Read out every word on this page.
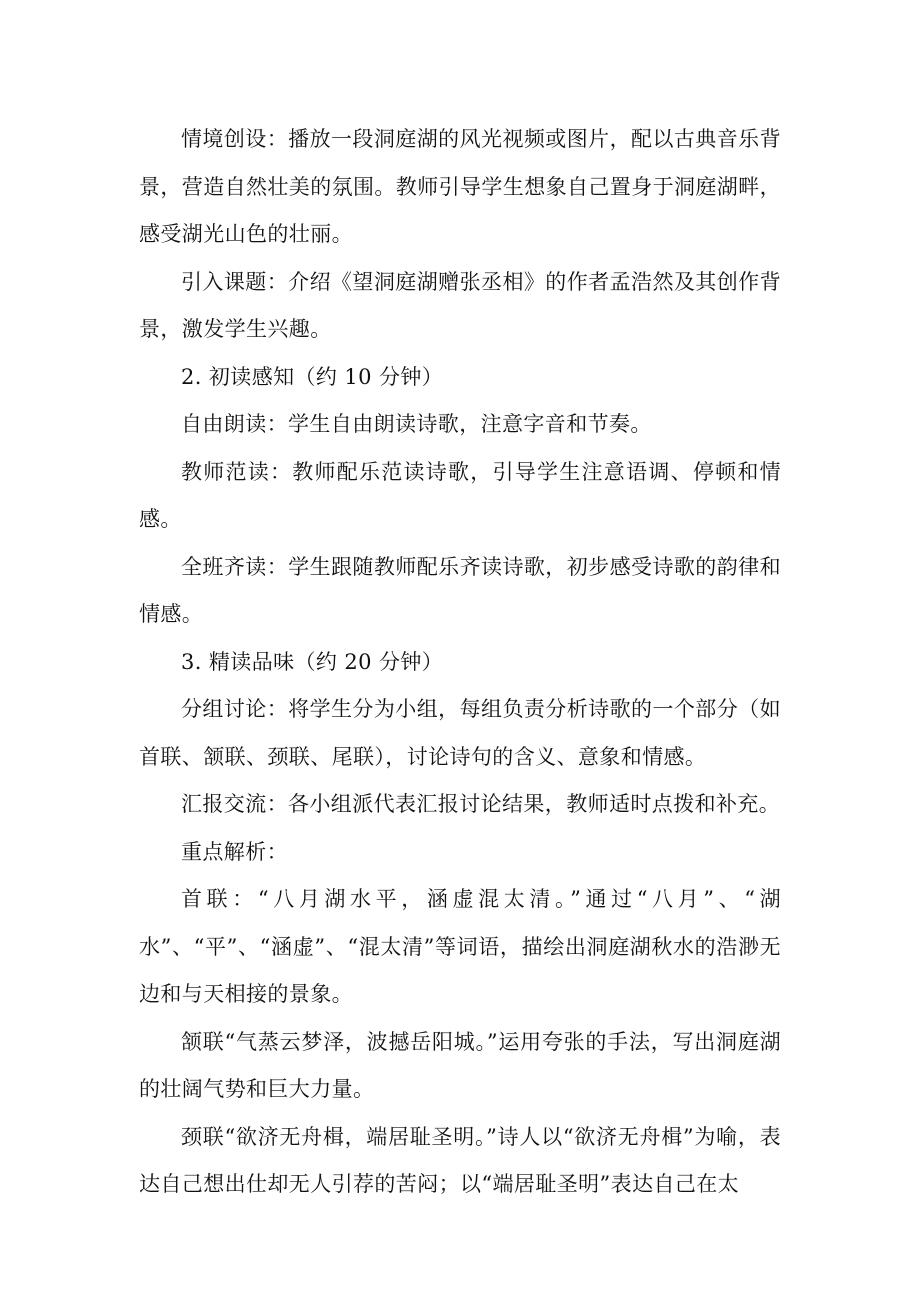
情境创设：播放一段洞庭湖的风光视频或图片，配以古典音乐背景，营造自然壮美的氛围。教师引导学生想象自己置身于洞庭湖畔，感受湖光山色的壮丽。

引入课题：介绍《望洞庭湖赠张丞相》的作者孟浩然及其创作背景，激发学生兴趣。

2. 初读感知（约 10 分钟）

自由朗读：学生自由朗读诗歌，注意字音和节奏。

教师范读：教师配乐范读诗歌，引导学生注意语调、停顿和情感。

全班齐读：学生跟随教师配乐齐读诗歌，初步感受诗歌的韵律和情感。

3. 精读品味（约 20 分钟）

分组讨论：将学生分为小组，每组负责分析诗歌的一个部分（如首联、颔联、颈联、尾联），讨论诗句的含义、意象和情感。

汇报交流：各小组派代表汇报讨论结果，教师适时点拨和补充。

重点解析：

首联：“八月湖水平，涵虚混太清。”通过“八月”、“湖水”、“平”、“涵虚”、“混太清”等词语，描绘出洞庭湖秋水的浩渺无边和与天相接的景象。

颔联“气蒸云梦泽，波撼岳阳城。”运用夸张的手法，写出洞庭湖的壮阔气势和巨大力量。

颈联“欲济无舟楫，端居耻圣明。”诗人以“欲济无舟楫”为喻，表达自己想出仕却无人引荐的苦闷；以“端居耻圣明”表达自己在太
